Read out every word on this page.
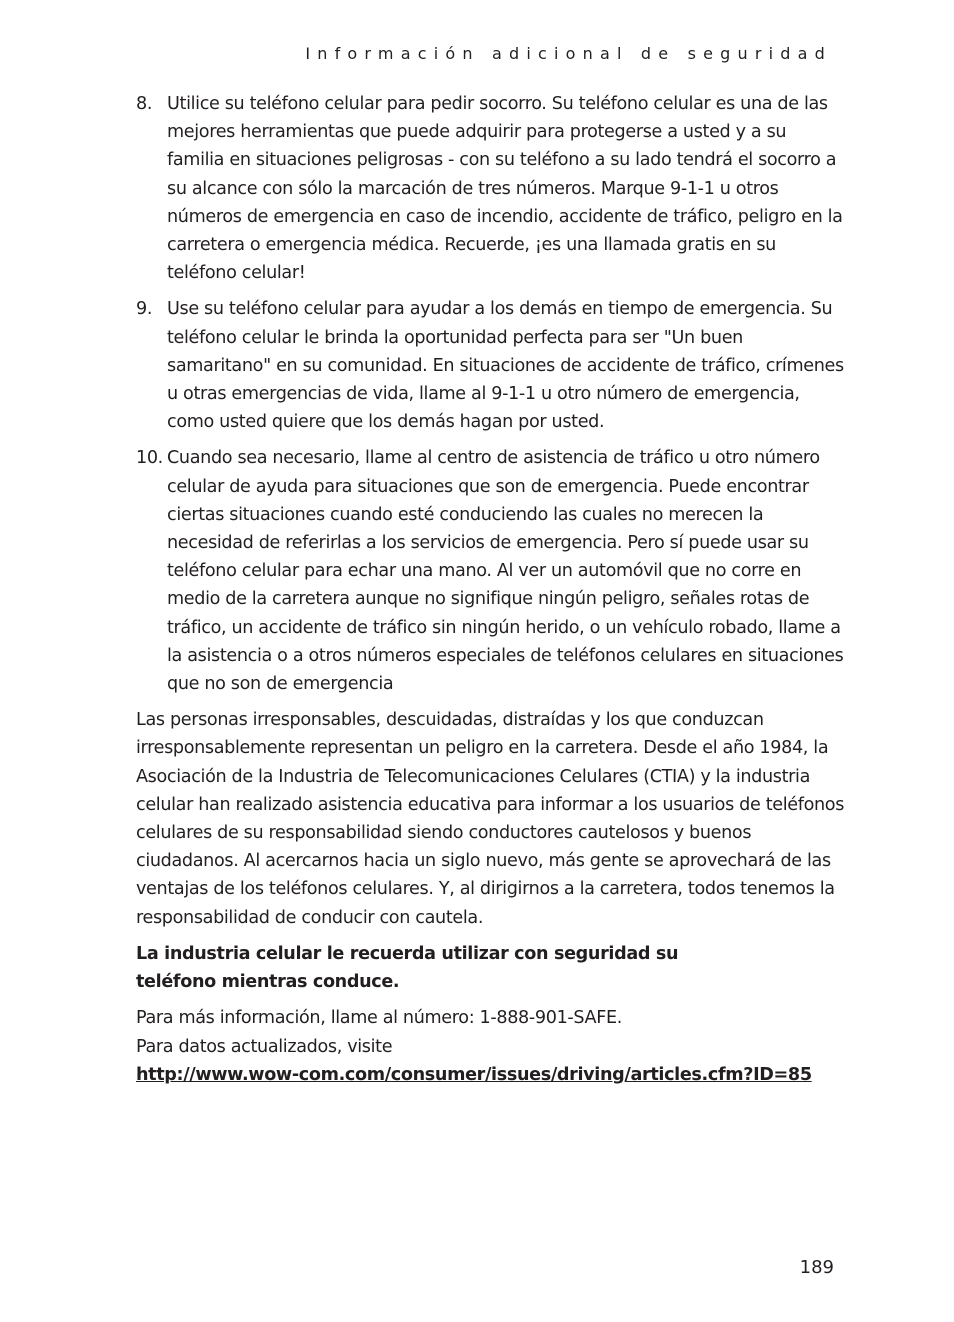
Información adicional de seguridad
8. Utilice su teléfono celular para pedir socorro. Su teléfono celular es una de las mejores herramientas que puede adquirir para protegerse a usted y a su familia en situaciones peligrosas - con su teléfono a su lado tendrá el socorro a su alcance con sólo la marcación de tres números. Marque 9-1-1 u otros números de emergencia en caso de incendio, accidente de tráfico, peligro en la carretera o emergencia médica. Recuerde, ¡es una llamada gratis en su teléfono celular!
9. Use su teléfono celular para ayudar a los demás en tiempo de emergencia. Su teléfono celular le brinda la oportunidad perfecta para ser "Un buen samaritano" en su comunidad. En situaciones de accidente de tráfico, crímenes u otras emergencias de vida, llame al 9-1-1 u otro número de emergencia, como usted quiere que los demás hagan por usted.
10. Cuando sea necesario, llame al centro de asistencia de tráfico u otro número celular de ayuda para situaciones que son de emergencia. Puede encontrar ciertas situaciones cuando esté conduciendo las cuales no merecen la necesidad de referirlas a los servicios de emergencia. Pero sí puede usar su teléfono celular para echar una mano. Al ver un automóvil que no corre en medio de la carretera aunque no signifique ningún peligro, señales rotas de tráfico, un accidente de tráfico sin ningún herido, o un vehículo robado, llame a la asistencia o a otros números especiales de teléfonos celulares en situaciones que no son de emergencia

Las personas irresponsables, descuidadas, distraídas y los que conduzcan irresponsablemente representan un peligro en la carretera. Desde el año 1984, la Asociación de la Industria de Telecomunicaciones Celulares (CTIA) y la industria celular han realizado asistencia educativa para informar a los usuarios de teléfonos celulares de su responsabilidad siendo conductores cautelosos y buenos ciudadanos. Al acercarnos hacia un siglo nuevo, más gente se aprovechará de las ventajas de los teléfonos celulares. Y, al dirigirnos a la carretera, todos tenemos la responsabilidad de conducir con cautela.

La industria celular le recuerda utilizar con seguridad su teléfono mientras conduce.

Para más información, llame al número: 1-888-901-SAFE.

Para datos actualizados, visite

http://www.wow-com.com/consumer/issues/driving/articles.cfm?ID=85

189
